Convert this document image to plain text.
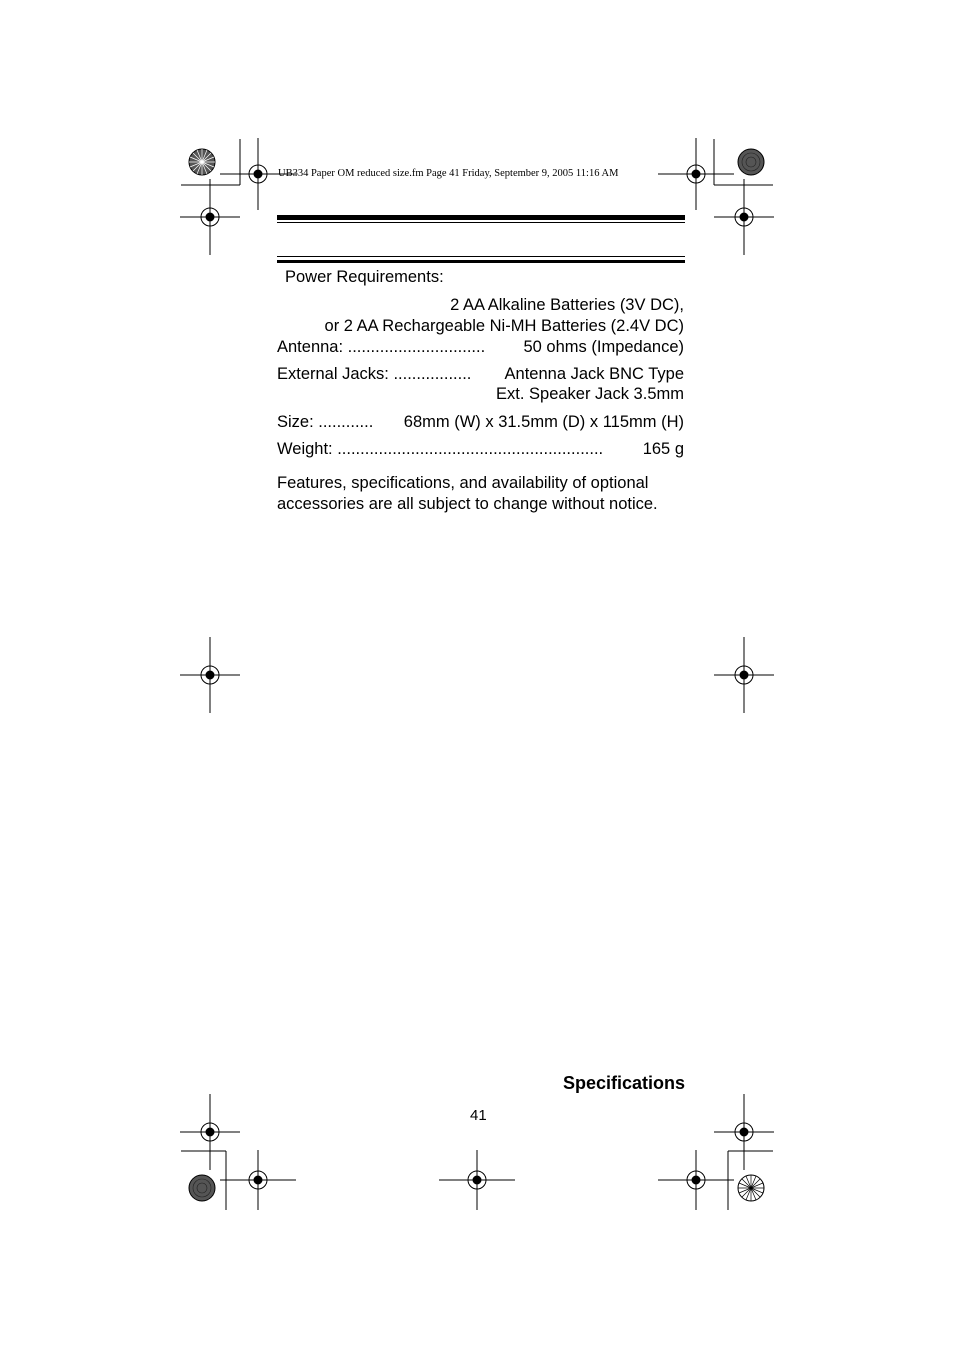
UB334 Paper OM reduced size.fm Page 41 Friday, September 9, 2005 11:16 AM
Power Requirements:
2 AA Alkaline Batteries (3V DC),
or 2 AA Rechargeable Ni-MH Batteries (2.4V DC)
Antenna: .............................. 50 ohms (Impedance)
External Jacks: ................. Antenna Jack BNC Type
Ext. Speaker Jack 3.5mm
Size: ............ 68mm (W) x 31.5mm (D) x 115mm (H)
Weight: .......................................................... 165 g
Features, specifications, and availability of optional accessories are all subject to change without notice.
Specifications
41
